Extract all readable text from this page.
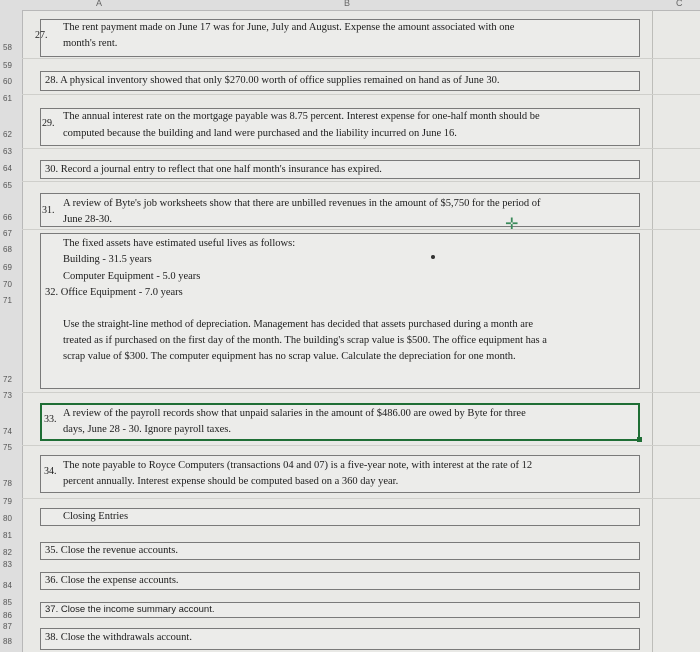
A	B	C
58
59
60
61
62
63
64
65
66
67
68
69
70
71
72
73
74
75
78
79
80
81
82
83
84
85
86
87
88
27.
The rent payment made on June 17 was for June, July and August. Expense the amount associated with one
month's rent.
28. A physical inventory showed that only $270.00 worth of office supplies remained on hand as of June 30.
29.
The annual interest rate on the mortgage payable was 8.75 percent. Interest expense for one-half month should be
computed because the building and land were purchased and the liability incurred on June 16.
30. Record a journal entry to reflect that one half month's insurance has expired.
31.
A review of Byte's job worksheets show that there are unbilled revenues in the amount of $5,750 for the period of
June 28-30.	✛
The fixed assets have estimated useful lives as follows:
Building - 31.5 years
Computer Equipment - 5.0 years
32. Office Equipment - 7.0 years
Use the straight-line method of depreciation. Management has decided that assets purchased during a month are
treated as if purchased on the first day of the month. The building's scrap value is $500. The office equipment has a
scrap value of $300. The computer equipment has no scrap value. Calculate the depreciation for one month.
33.
A review of the payroll records show that unpaid salaries in the amount of $486.00 are owed by Byte for three
days, June 28 - 30. Ignore payroll taxes.
34.
The note payable to Royce Computers (transactions 04 and 07) is a five-year note, with interest at the rate of 12
percent annually. Interest expense should be computed based on a 360 day year.
Closing Entries
35. Close the revenue accounts.
36. Close the expense accounts.
37. Close the income summary account.
38. Close the withdrawals account.
